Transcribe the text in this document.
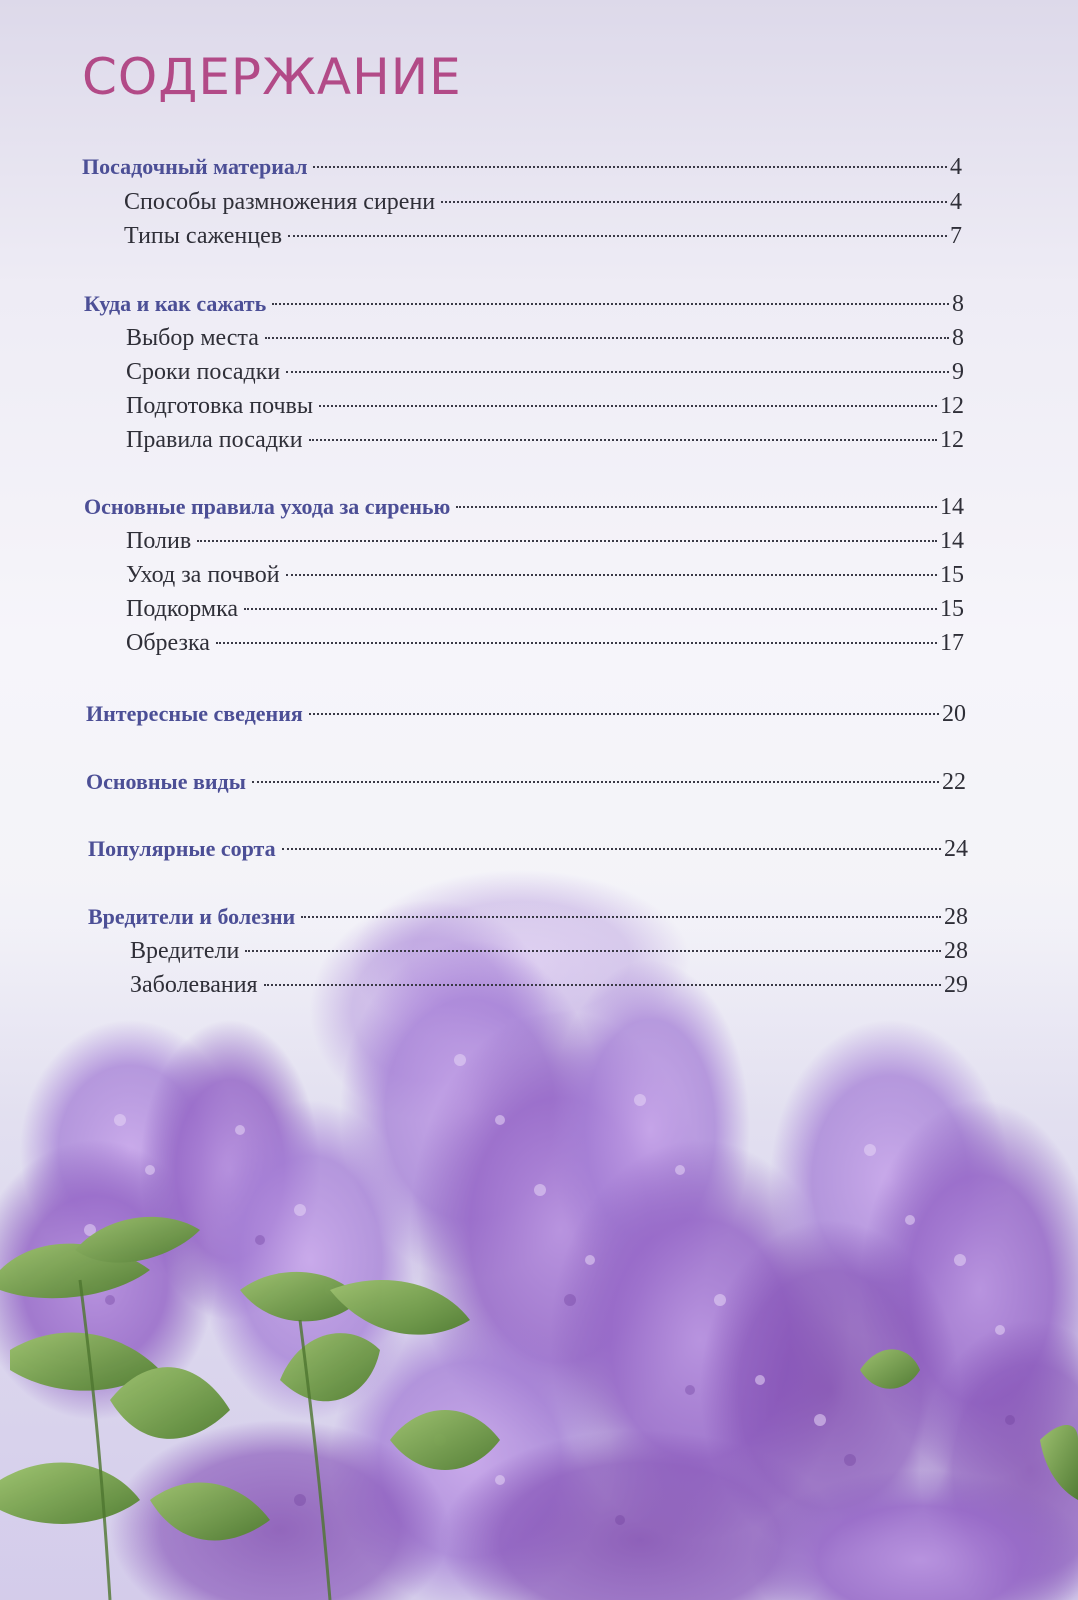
СОДЕРЖАНИЕ
Посадочный материал	4
Способы размножения сирени	4
Типы саженцев	7
Куда и как сажать	8
Выбор места	8
Сроки посадки	9
Подготовка почвы	12
Правила посадки	12
Основные правила ухода за сиренью	14
Полив	14
Уход за почвой	15
Подкормка	15
Обрезка	17
Интересные сведения	20
Основные виды	22
Популярные сорта	24
Вредители и болезни	28
Вредители	28
Заболевания	29
